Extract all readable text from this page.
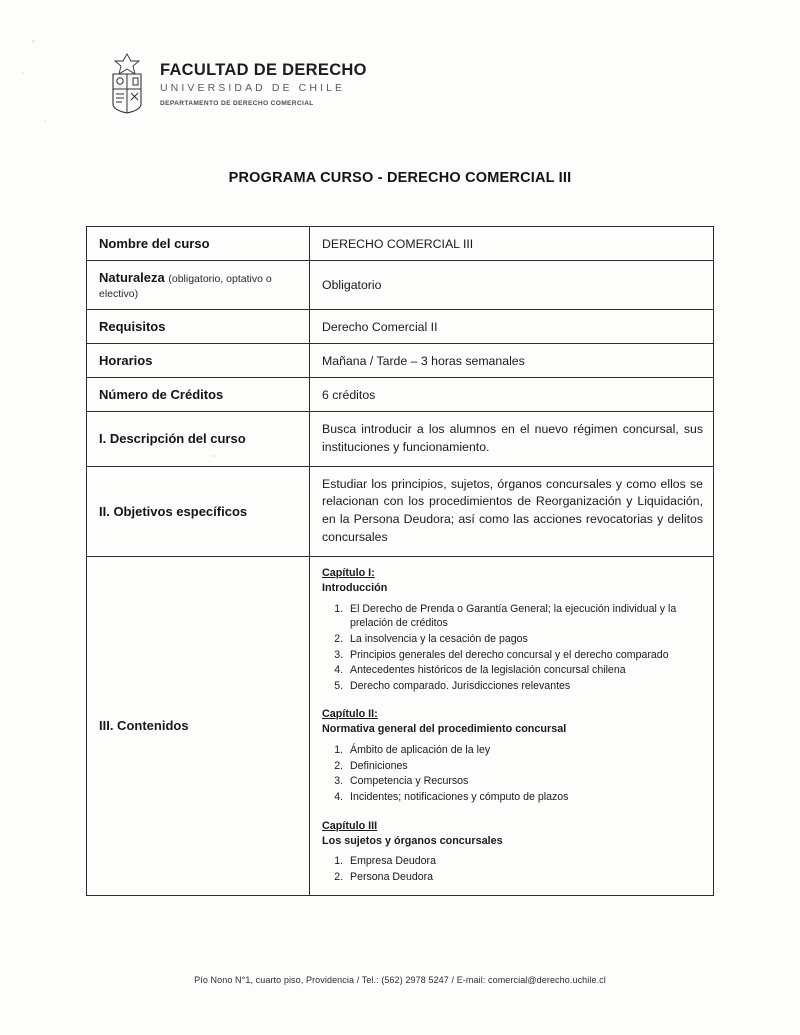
FACULTAD DE DERECHO
UNIVERSIDAD DE CHILE
DEPARTAMENTO DE DERECHO COMERCIAL
PROGRAMA CURSO - DERECHO COMERCIAL III
Nombre del curso	DERECHO COMERCIAL III
Naturaleza (obligatorio, optativo o electivo)	Obligatorio
Requisitos	Derecho Comercial II
Horarios	Mañana / Tarde – 3 horas semanales
Número de Créditos	6 créditos
I. Descripción del curso	Busca introducir a los alumnos en el nuevo régimen concursal, sus instituciones y funcionamiento.
II. Objetivos específicos	Estudiar los principios, sujetos, órganos concursales y como ellos se relacionan con los procedimientos de Reorganización y Liquidación, en la Persona Deudora; así como las acciones revocatorias y delitos concursales
III. Contenidos	
Capítulo I:
Introducción
1. El Derecho de Prenda o Garantía General; la ejecución individual y la prelación de créditos
2. La insolvencia y la cesación de pagos
3. Principios generales del derecho concursal y el derecho comparado
4. Antecedentes históricos de la legislación concursal chilena
5. Derecho comparado. Jurisdicciones relevantes
Capítulo II:
Normativa general del procedimiento concursal
1. Ámbito de aplicación de la ley
2. Definiciones
3. Competencia y Recursos
4. Incidentes; notificaciones y cómputo de plazos
Capítulo III
Los sujetos y órganos concursales
1. Empresa Deudora
2. Persona Deudora
Pío Nono N°1, cuarto piso, Providencia / Tel.: (562) 2978 5247 / E-mail: comercial@derecho.uchile.cl
